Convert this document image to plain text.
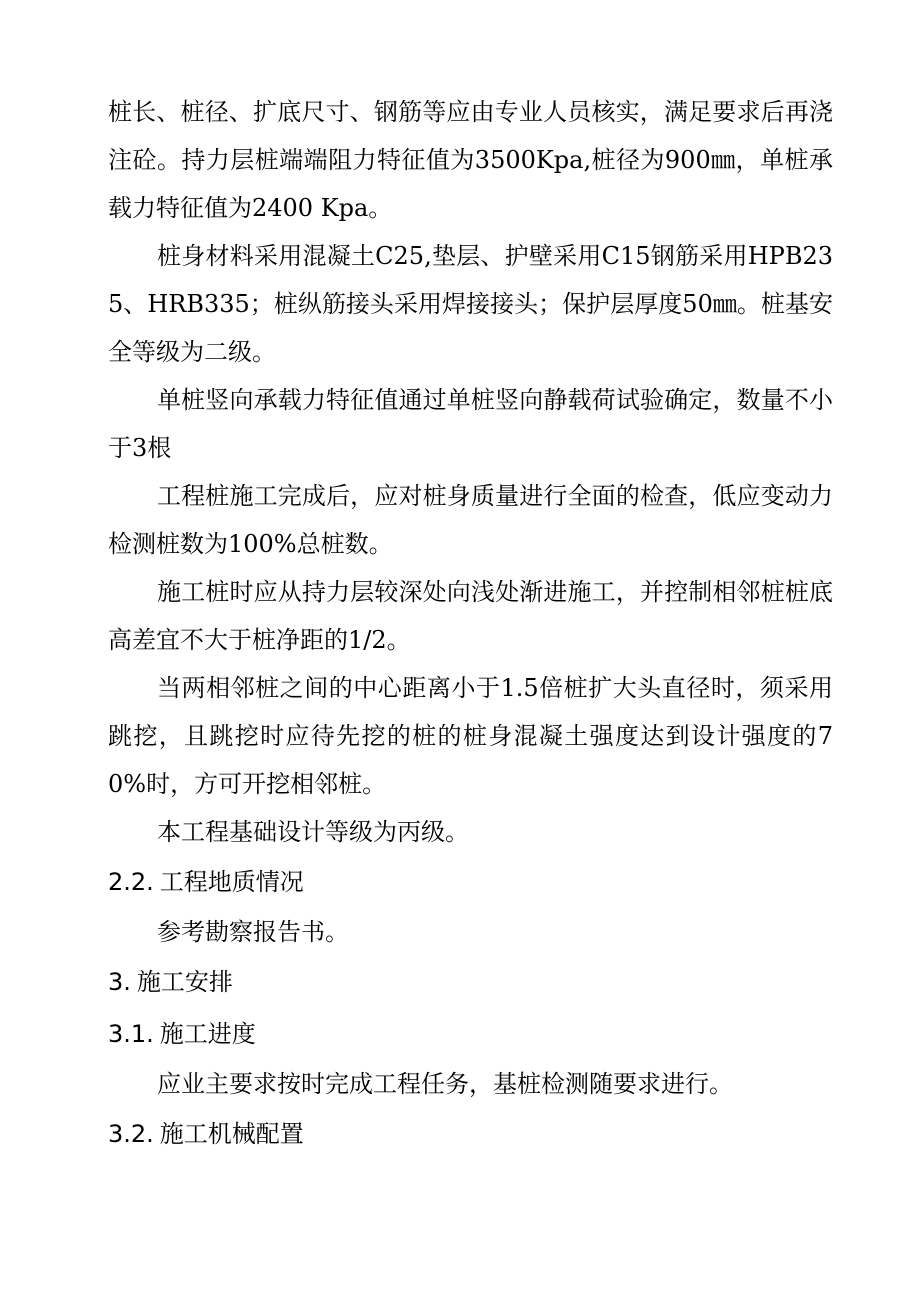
桩长、桩径、扩底尺寸、钢筋等应由专业人员核实，满足要求后再浇注砼。持力层桩端端阻力特征值为3500Kpa,桩径为900㎜，单桩承载力特征值为2400 Kpa。

桩身材料采用混凝土C25,垫层、护壁采用C15钢筋采用HPB235、HRB335；桩纵筋接头采用焊接接头；保护层厚度50㎜。桩基安全等级为二级。

单桩竖向承载力特征值通过单桩竖向静载荷试验确定，数量不小于3根

工程桩施工完成后，应对桩身质量进行全面的检查，低应变动力检测桩数为100%总桩数。

施工桩时应从持力层较深处向浅处渐进施工，并控制相邻桩桩底高差宜不大于桩净距的1/2。

当两相邻桩之间的中心距离小于1.5倍桩扩大头直径时，须采用跳挖，且跳挖时应待先挖的桩的桩身混凝土强度达到设计强度的70%时，方可开挖相邻桩。

本工程基础设计等级为丙级。

2.2. 工程地质情况

参考勘察报告书。

3. 施工安排
3.1. 施工进度

应业主要求按时完成工程任务，基桩检测随要求进行。

3.2. 施工机械配置
